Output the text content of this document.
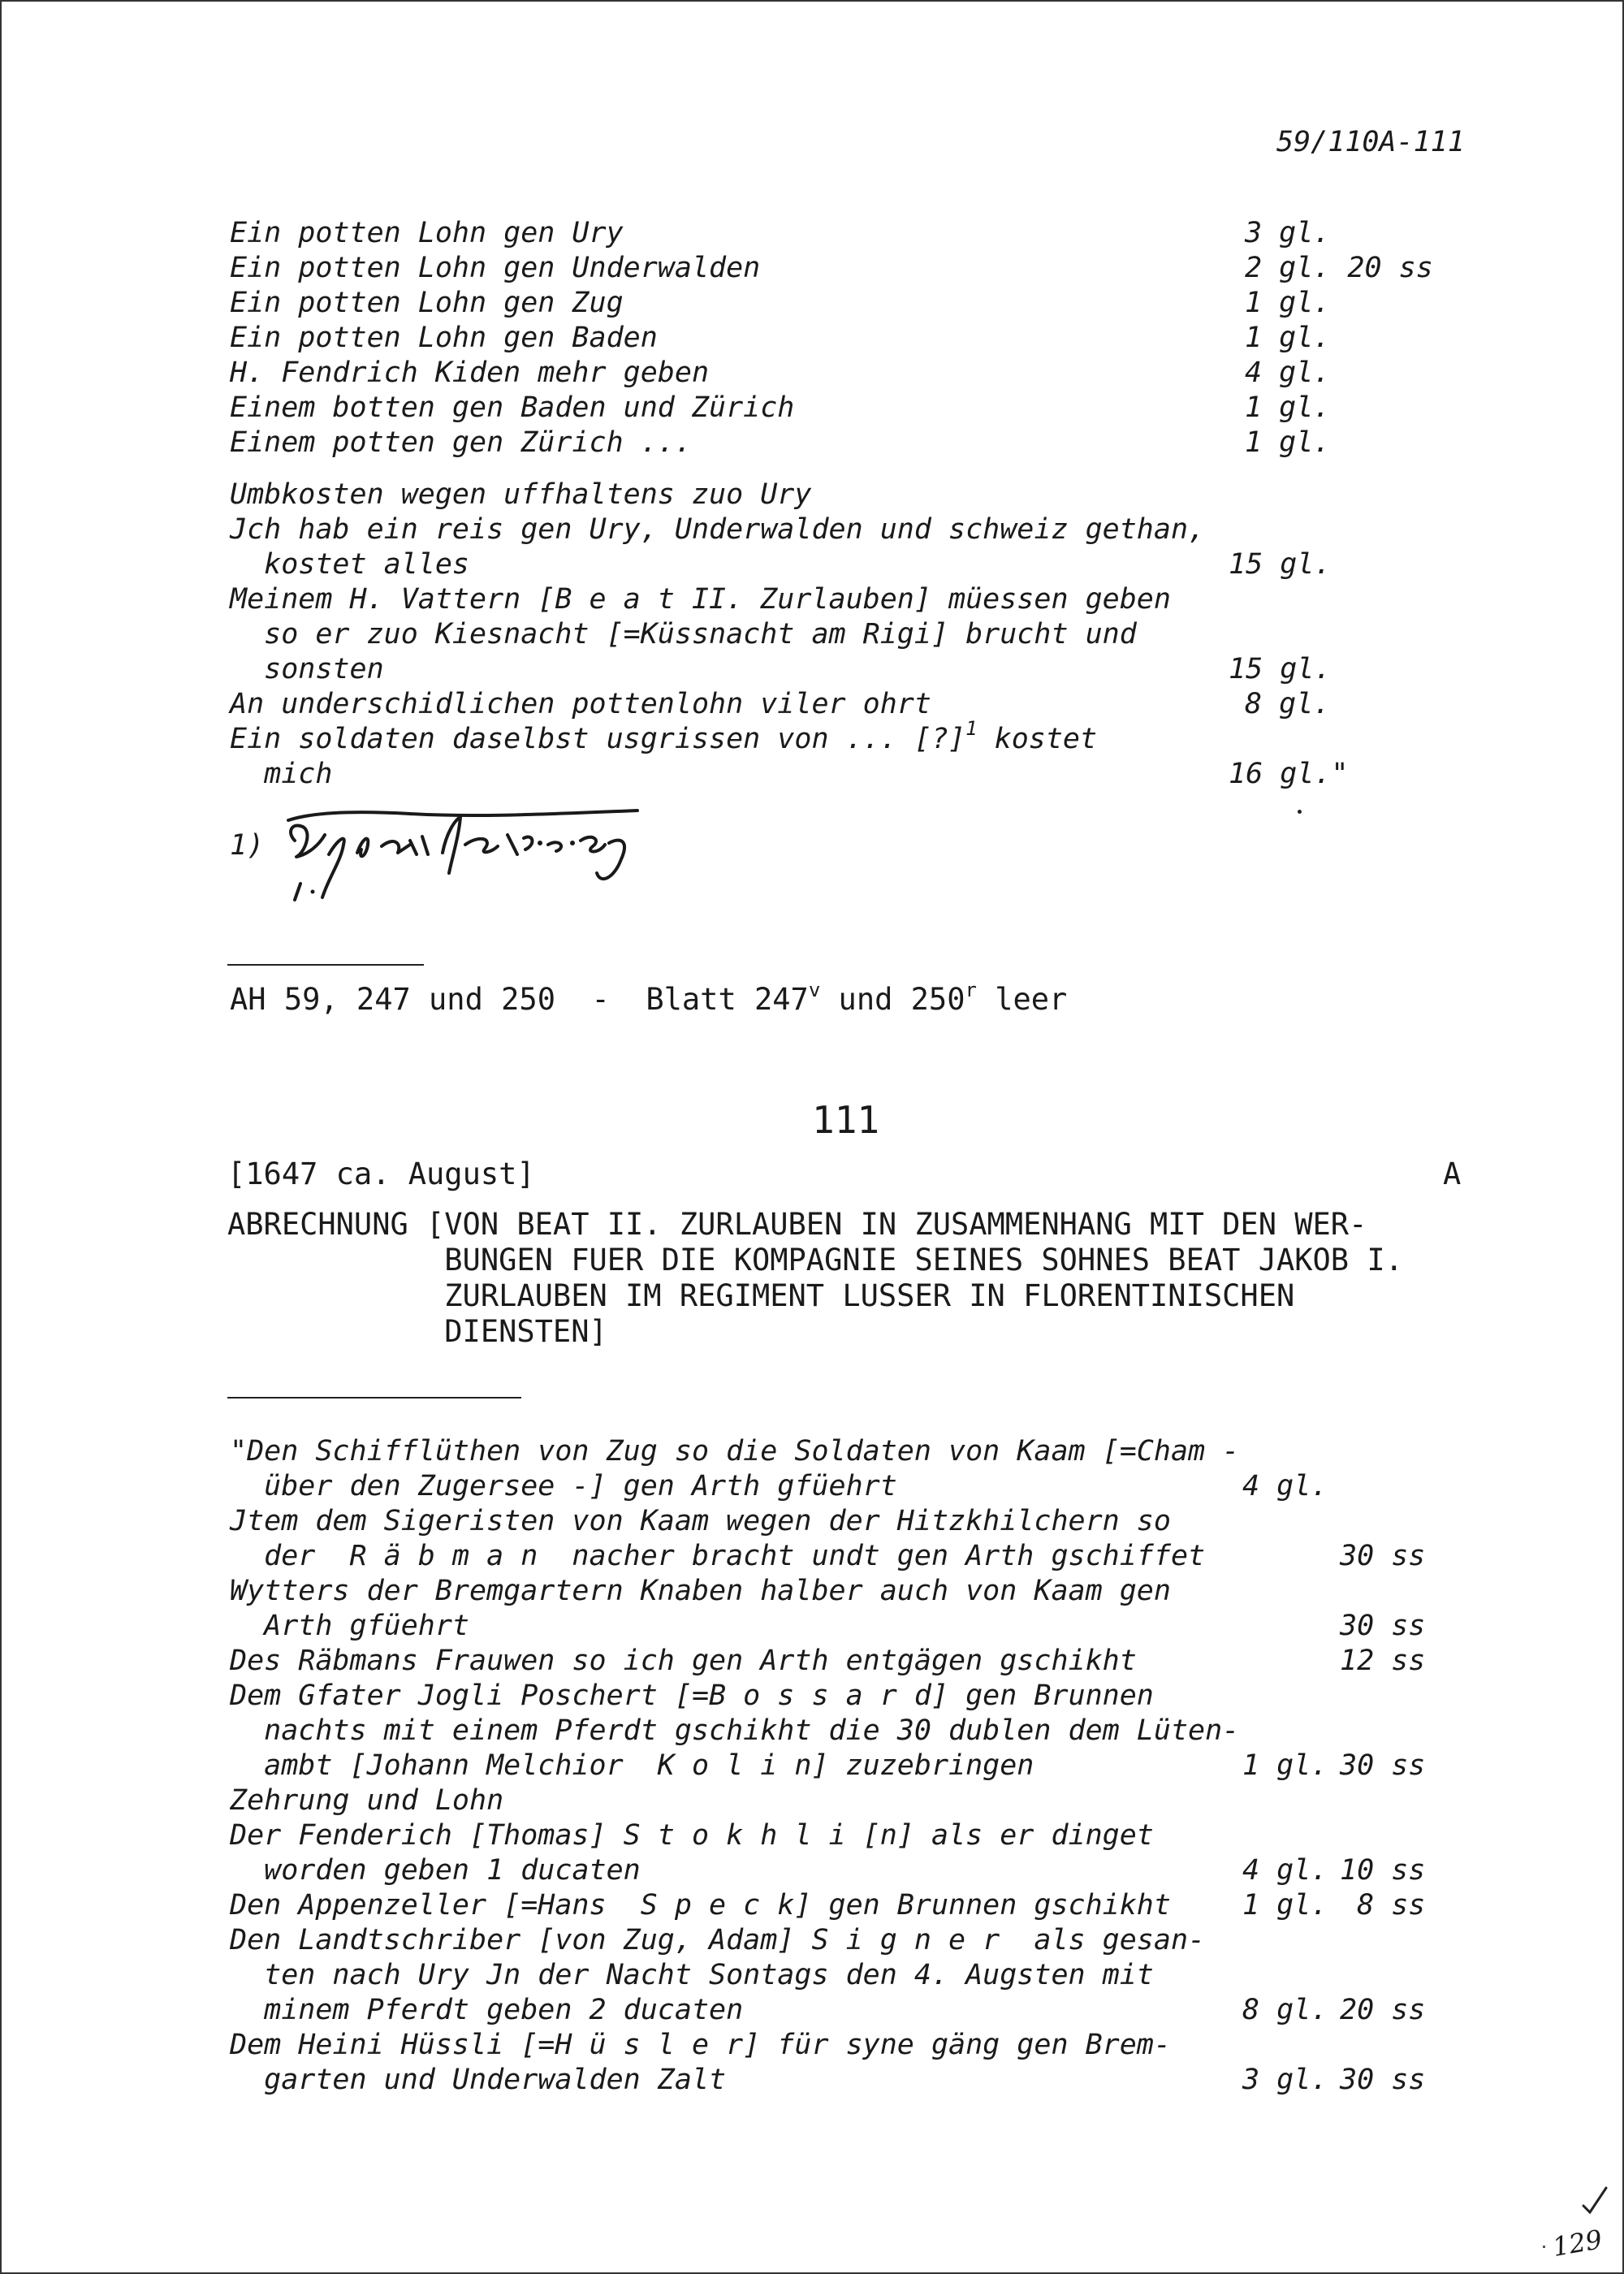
59/110A-111
Ein potten Lohn gen Ury	3 gl.
Ein potten Lohn gen Underwalden	2 gl. 20 ss
Ein potten Lohn gen Zug	1 gl.
Ein potten Lohn gen Baden	1 gl.
H. Fendrich Kiden mehr geben	4 gl.
Einem botten gen Baden und Zürich	1 gl.
Einem potten gen Zürich ...	1 gl.
Umbkosten wegen uffhaltens zuo Ury
Jch hab ein reis gen Ury, Underwalden und schweiz gethan,
kostet alles	15 gl.
Meinem H. Vattern [B e a t II. Zurlauben] müessen geben
so er zuo Kiesnacht [=Küssnacht am Rigi] brucht und
sonsten	15 gl.
An underschidlichen pottenlohn viler ohrt	8 gl.
Ein soldaten daselbst usgrissen von ... [?]$^1$ kostet
mich	16 gl."
1)
AH 59, 247 und 250  -  Blatt 247$^v$ und 250$^r$ leer
111
[1647 ca. August]	A
ABRECHNUNG [VON BEAT II. ZURLAUBEN IN ZUSAMMENHANG MIT DEN WER-
BUNGEN FUER DIE KOMPAGNIE SEINES SOHNES BEAT JAKOB I.
ZURLAUBEN IM REGIMENT LUSSER IN FLORENTINISCHEN
DIENSTEN]
"Den Schifflüthen von Zug so die Soldaten von Kaam [=Cham -
über den Zugersee -] gen Arth gfüehrt	4 gl.
Jtem dem Sigeristen von Kaam wegen der Hitzkhilchern so
der  R ä b m a n  nacher bracht undt gen Arth gschiffet	30 ss
Wytters der Bremgartern Knaben halber auch von Kaam gen
Arth gfüehrt	30 ss
Des Räbmans Frauwen so ich gen Arth entgägen gschikht	12 ss
Dem Gfater Jogli Poschert [=B o s s a r d] gen Brunnen
nachts mit einem Pferdt gschikht die 30 dublen dem Lüten-
ambt [Johann Melchior  K o l i n] zuzebringen	1 gl. 30 ss
Zehrung und Lohn
Der Fenderich [Thomas] S t o k h l i [n] als er dinget
worden geben 1 ducaten	4 gl. 10 ss
Den Appenzeller [=Hans  S p e c k] gen Brunnen gschikht	1 gl. 8 ss
Den Landtschriber [von Zug, Adam] S i g n e r  als gesan-
ten nach Ury Jn der Nacht Sontags den 4. Augsten mit
minem Pferdt geben 2 ducaten	8 gl. 20 ss
Dem Heini Hüssli [=H ü s l e r] für syne gäng gen Brem-
garten und Underwalden Zalt	3 gl. 30 ss
129
